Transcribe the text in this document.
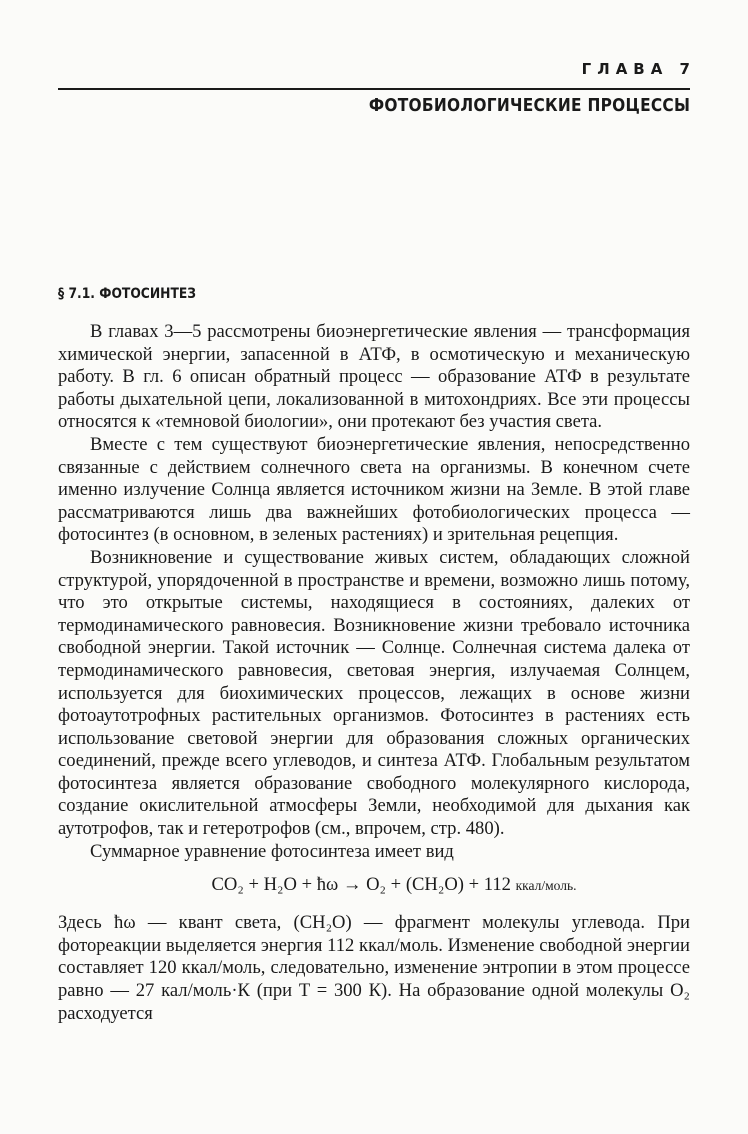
ГЛАВА 7
ФОТОБИОЛОГИЧЕСКИЕ ПРОЦЕССЫ
§ 7.1. ФОТОСИНТЕЗ

В главах 3—5 рассмотрены биоэнергетические явления — трансформация химической энергии, запасенной в АТФ, в осмотическую и механическую работу. В гл. 6 описан обратный процесс — образование АТФ в результате работы дыхательной цепи, локализованной в митохондриях. Все эти процессы относятся к «темновой биологии», они протекают без участия света.

Вместе с тем существуют биоэнергетические явления, непосредственно связанные с действием солнечного света на организмы. В конечном счете именно излучение Солнца является источником жизни на Земле. В этой главе рассматриваются лишь два важнейших фотобиологических процесса — фотосинтез (в основном, в зеленых растениях) и зрительная рецепция.

Возникновение и существование живых систем, обладающих сложной структурой, упорядоченной в пространстве и времени, возможно лишь потому, что это открытые системы, находящиеся в состояниях, далеких от термодинамического равновесия. Возникновение жизни требовало источника свободной энергии. Такой источник — Солнце. Солнечная система далека от термодинамического равновесия, световая энергия, излучаемая Солнцем, используется для биохимических процессов, лежащих в основе жизни фотоаутотрофных растительных организмов. Фотосинтез в растениях есть использование световой энергии для образования сложных органических соединений, прежде всего углеводов, и синтеза АТФ. Глобальным результатом фотосинтеза является образование свободного молекулярного кислорода, создание окислительной атмосферы Земли, необходимой для дыхания как аутотрофов, так и гетеротрофов (см., впрочем, стр. 480).

Суммарное уравнение фотосинтеза имеет вид

CO₂ + H₂O + ħω → O₂ + (CH₂O) + 112 ккал/моль.

Здесь ħω — квант света, (CH₂O) — фрагмент молекулы углевода. При фотореакции выделяется энергия 112 ккал/моль. Изменение свободной энергии составляет 120 ккал/моль, следовательно, изменение энтропии в этом процессе равно — 27 кал/моль·К (при T = 300 К). На образование одной молекулы O₂ расходуется
